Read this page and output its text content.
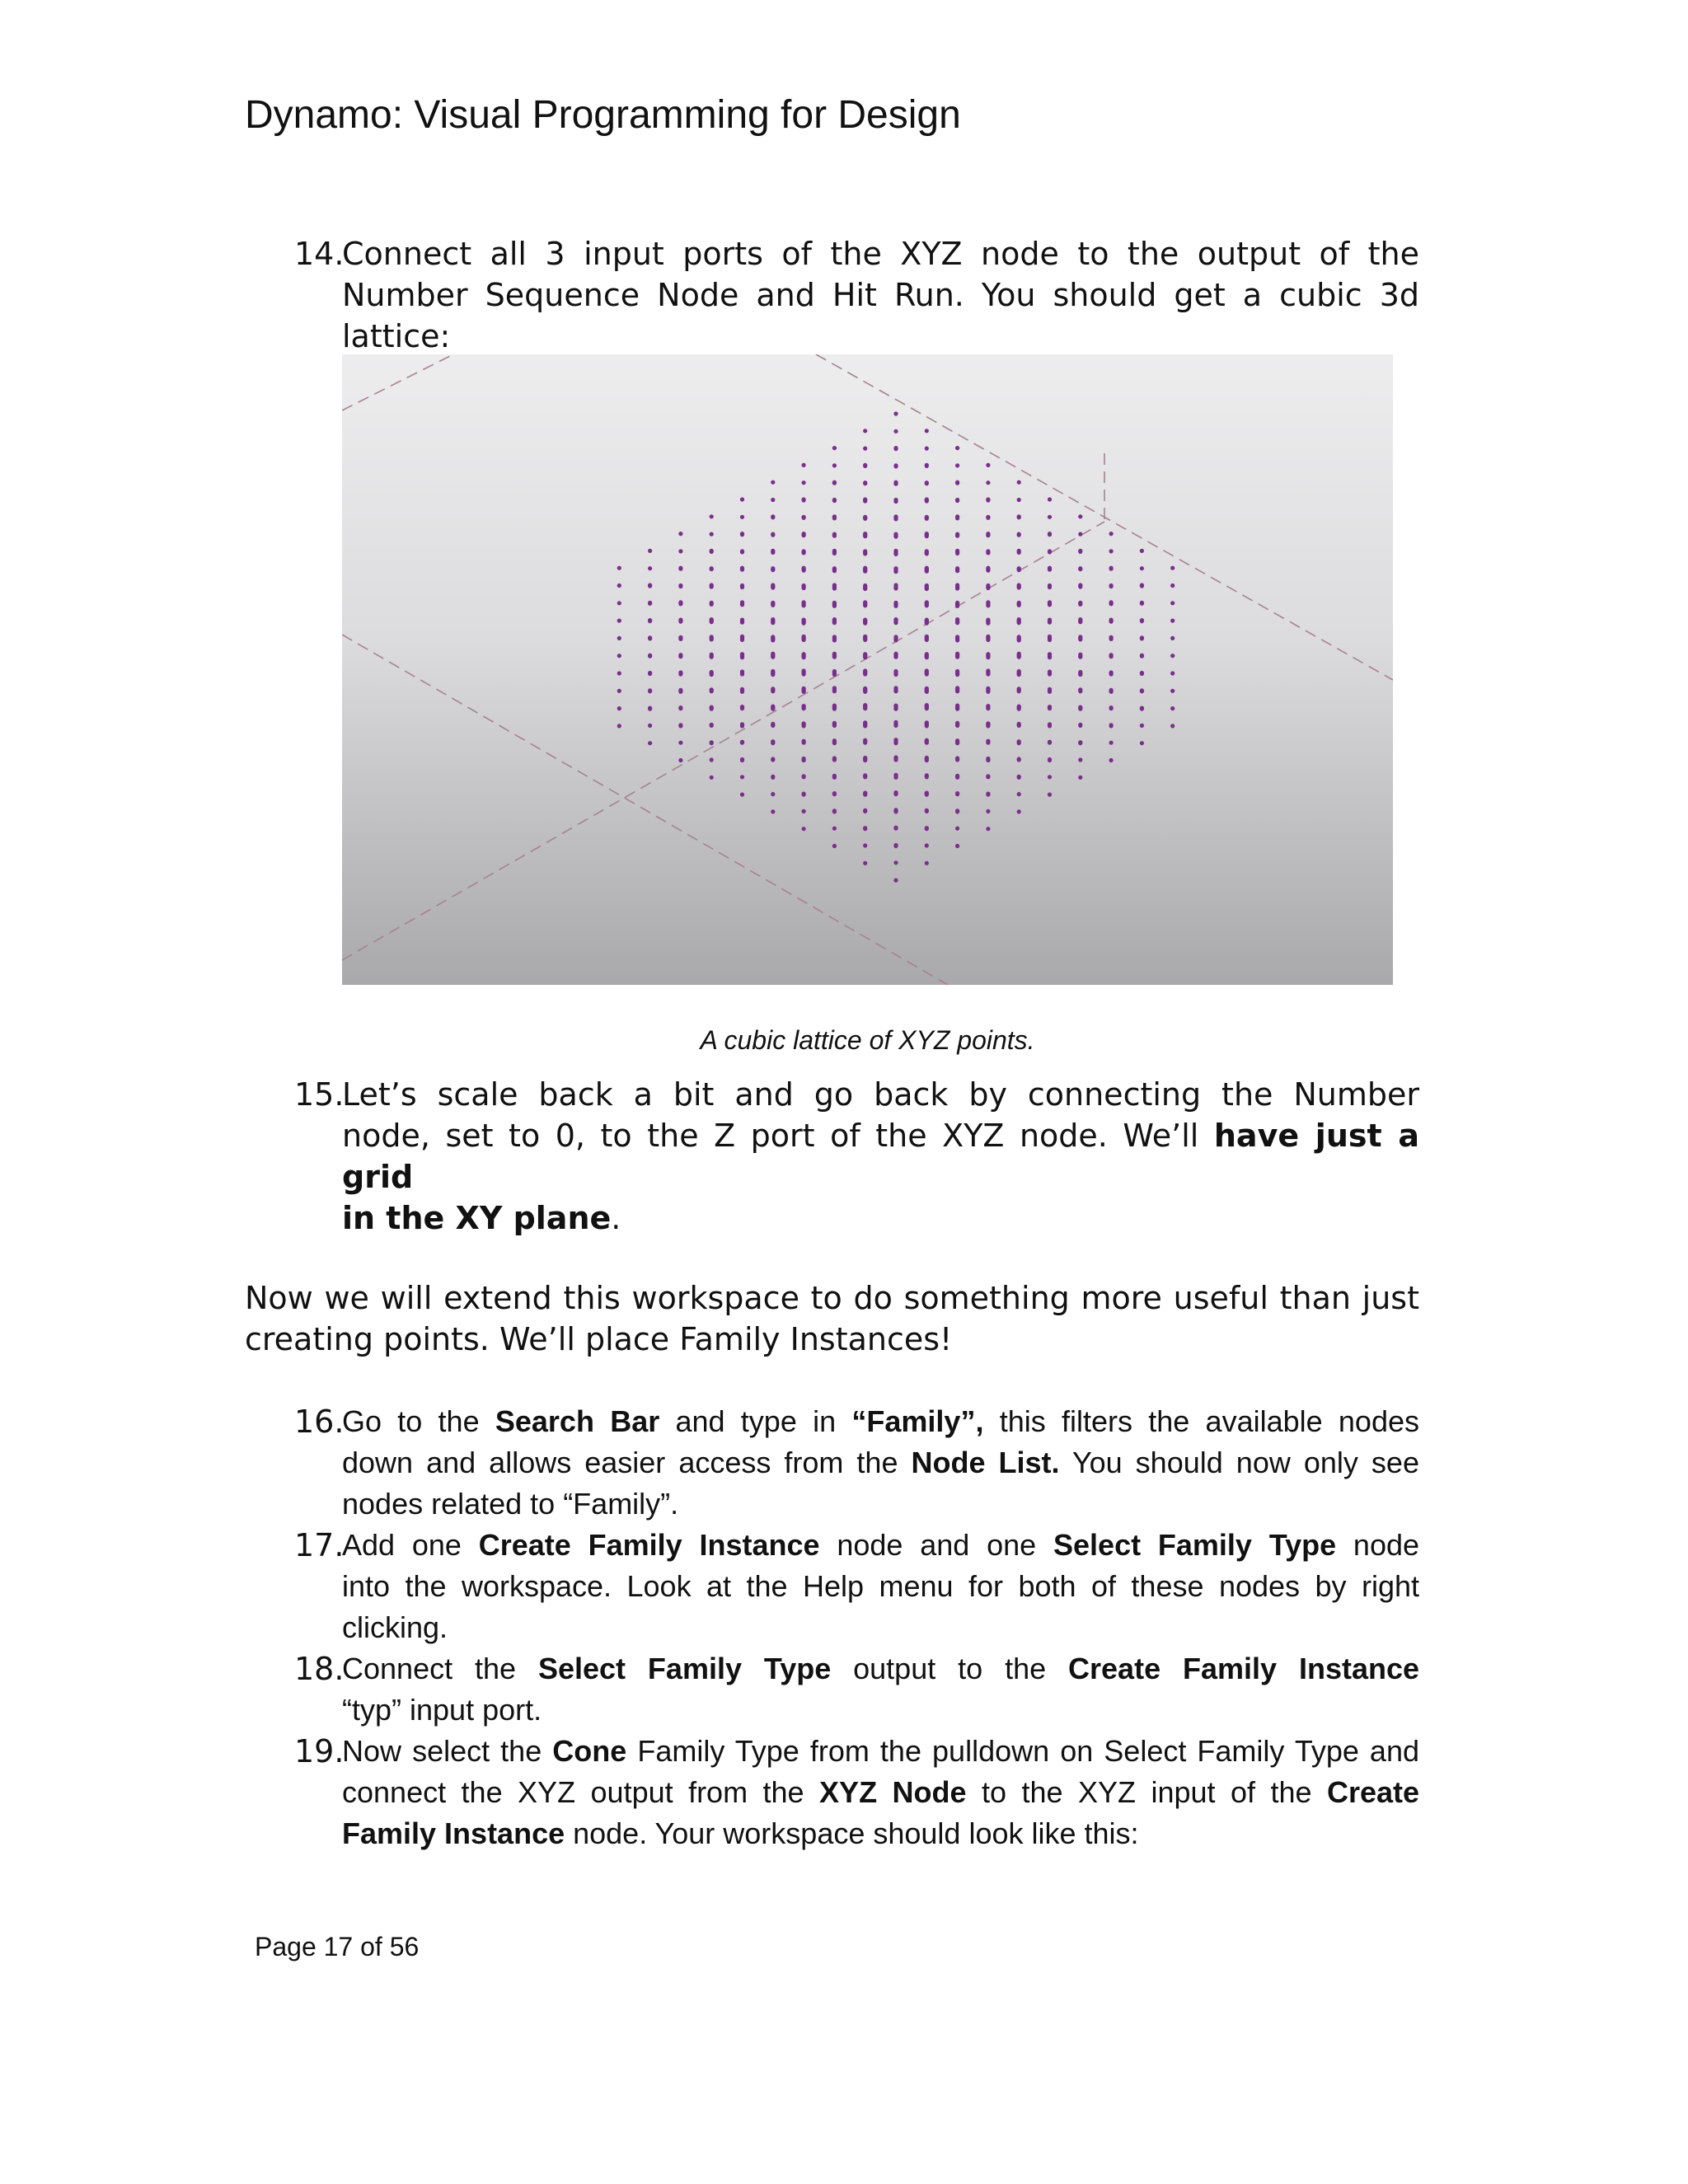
Dynamo: Visual Programming for Design
14.
Connect all 3 input ports of the XYZ node to the output of the
Number Sequence Node and Hit Run. You should get a cubic 3d
lattice:
A cubic lattice of XYZ points.
15.
Let’s scale back a bit and go back by connecting the Number
node, set to 0, to the Z port of the XYZ node. We’ll have just a grid
in the XY plane.
Now we will extend this workspace to do something more useful than just
creating points. We’ll place Family Instances!
16.
Go to the Search Bar and type in “Family”, this filters the available nodes
down and allows easier access from the Node List. You should now only see
nodes related to “Family”.
17.
Add one Create Family Instance node and one Select Family Type node
into the workspace. Look at the Help menu for both of these nodes by right
clicking.
18.
Connect the Select Family Type output to the Create Family Instance
“typ” input port.
19.
Now select the Cone Family Type from the pulldown on Select Family Type and
connect the XYZ output from the XYZ Node to the XYZ input of the Create
Family Instance node. Your workspace should look like this:
Page 17 of 56
